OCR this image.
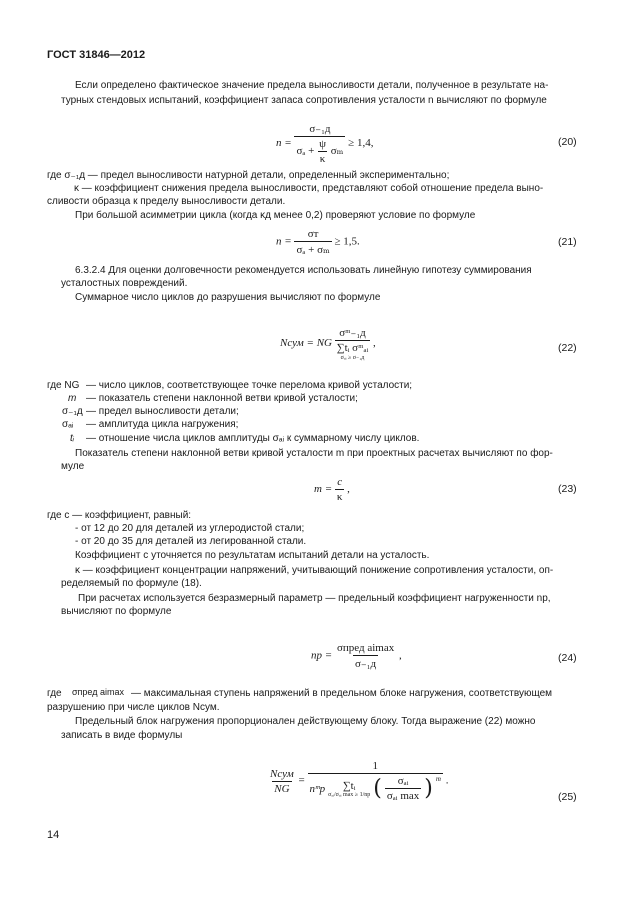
ГОСТ 31846—2012
Если определено фактическое значение предела выносливости детали, полученное в результате на-
турных стендовых испытаний, коэффициент запаса сопротивления усталости n вычисляют по формуле
$n = \frac{\text{σ₋₁д}}{\sigma_a + \frac{\psi}{\kappa} \sigma_m} \ge 1,4$,	(20)
где σ₋₁д — предел выносливости натурной детали, определенный экспериментально;
κ — коэффициент снижения предела выносливости, представляют собой отношение предела выно-
сливости образца к пределу выносливости детали.
При большой асимметрии цикла (когда κд менее 0,2) проверяют условие по формуле
$n = \frac{\sigma т}{\text{σₐ + σₘ}} \ge 1,5$.	(21)
6.3.2.4 Для оценки долговечности рекомендуется использовать линейную гипотезу суммирования
усталостных повреждений.
Суммарное число циклов до разрушения вычисляют по формуле
Nсум = NG σᵐ₋₁д
∑tᵢ σᵐₐᵢ
σₐᵢ ≥ σ₋₁д ,	(22)
где NG — число циклов, соответствующее точке перелома кривой усталости;
m — показатель степени наклонной ветви кривой усталости;
σ₋₁д — предел выносливости детали;
σₐᵢ — амплитуда цикла нагружения;
tᵢ — отношение числа циклов амплитуды σₐᵢ к суммарному числу циклов.
Показатель степени наклонной ветви кривой усталости m при проектных расчетах вычисляют по фор-
муле
$m = \frac{c}{\kappa}$ ,	(23)
где c — коэффициент, равный:
- от 12 до 20 для деталей из углеродистой стали;
- от 20 до 35 для деталей из легированной стали.
Коэффициент c уточняется по результатам испытаний детали на усталость.
κ — коэффициент концентрации напряжений, учитывающий понижение сопротивления усталости, оп-
ределяемый по формуле (18).
При расчетах используется безразмерный параметр — предельный коэффициент нагруженности nр,
вычисляют по формуле
nр = $\frac{\text{σпред aimax}}{\text{σ₋₁д}}$ ,	(24)
где σпред aimax — максимальная ступень напряжений в предельном блоке нагружения, соответствующем
разрушению при числе циклов Nсум.
Предельный блок нагружения пропорционален действующему блоку. Тогда выражение (22) можно
записать в виде формулы
$\frac{\text{Nсум}}{NG}$ =
1
nᵐр ∑tᵢ
σₐᵢ/σₐᵢ max ≥ 1/nр ( $\frac{\text{σₐᵢ}}{\text{σₐᵢ max}}$ ) m .
(25)
14
